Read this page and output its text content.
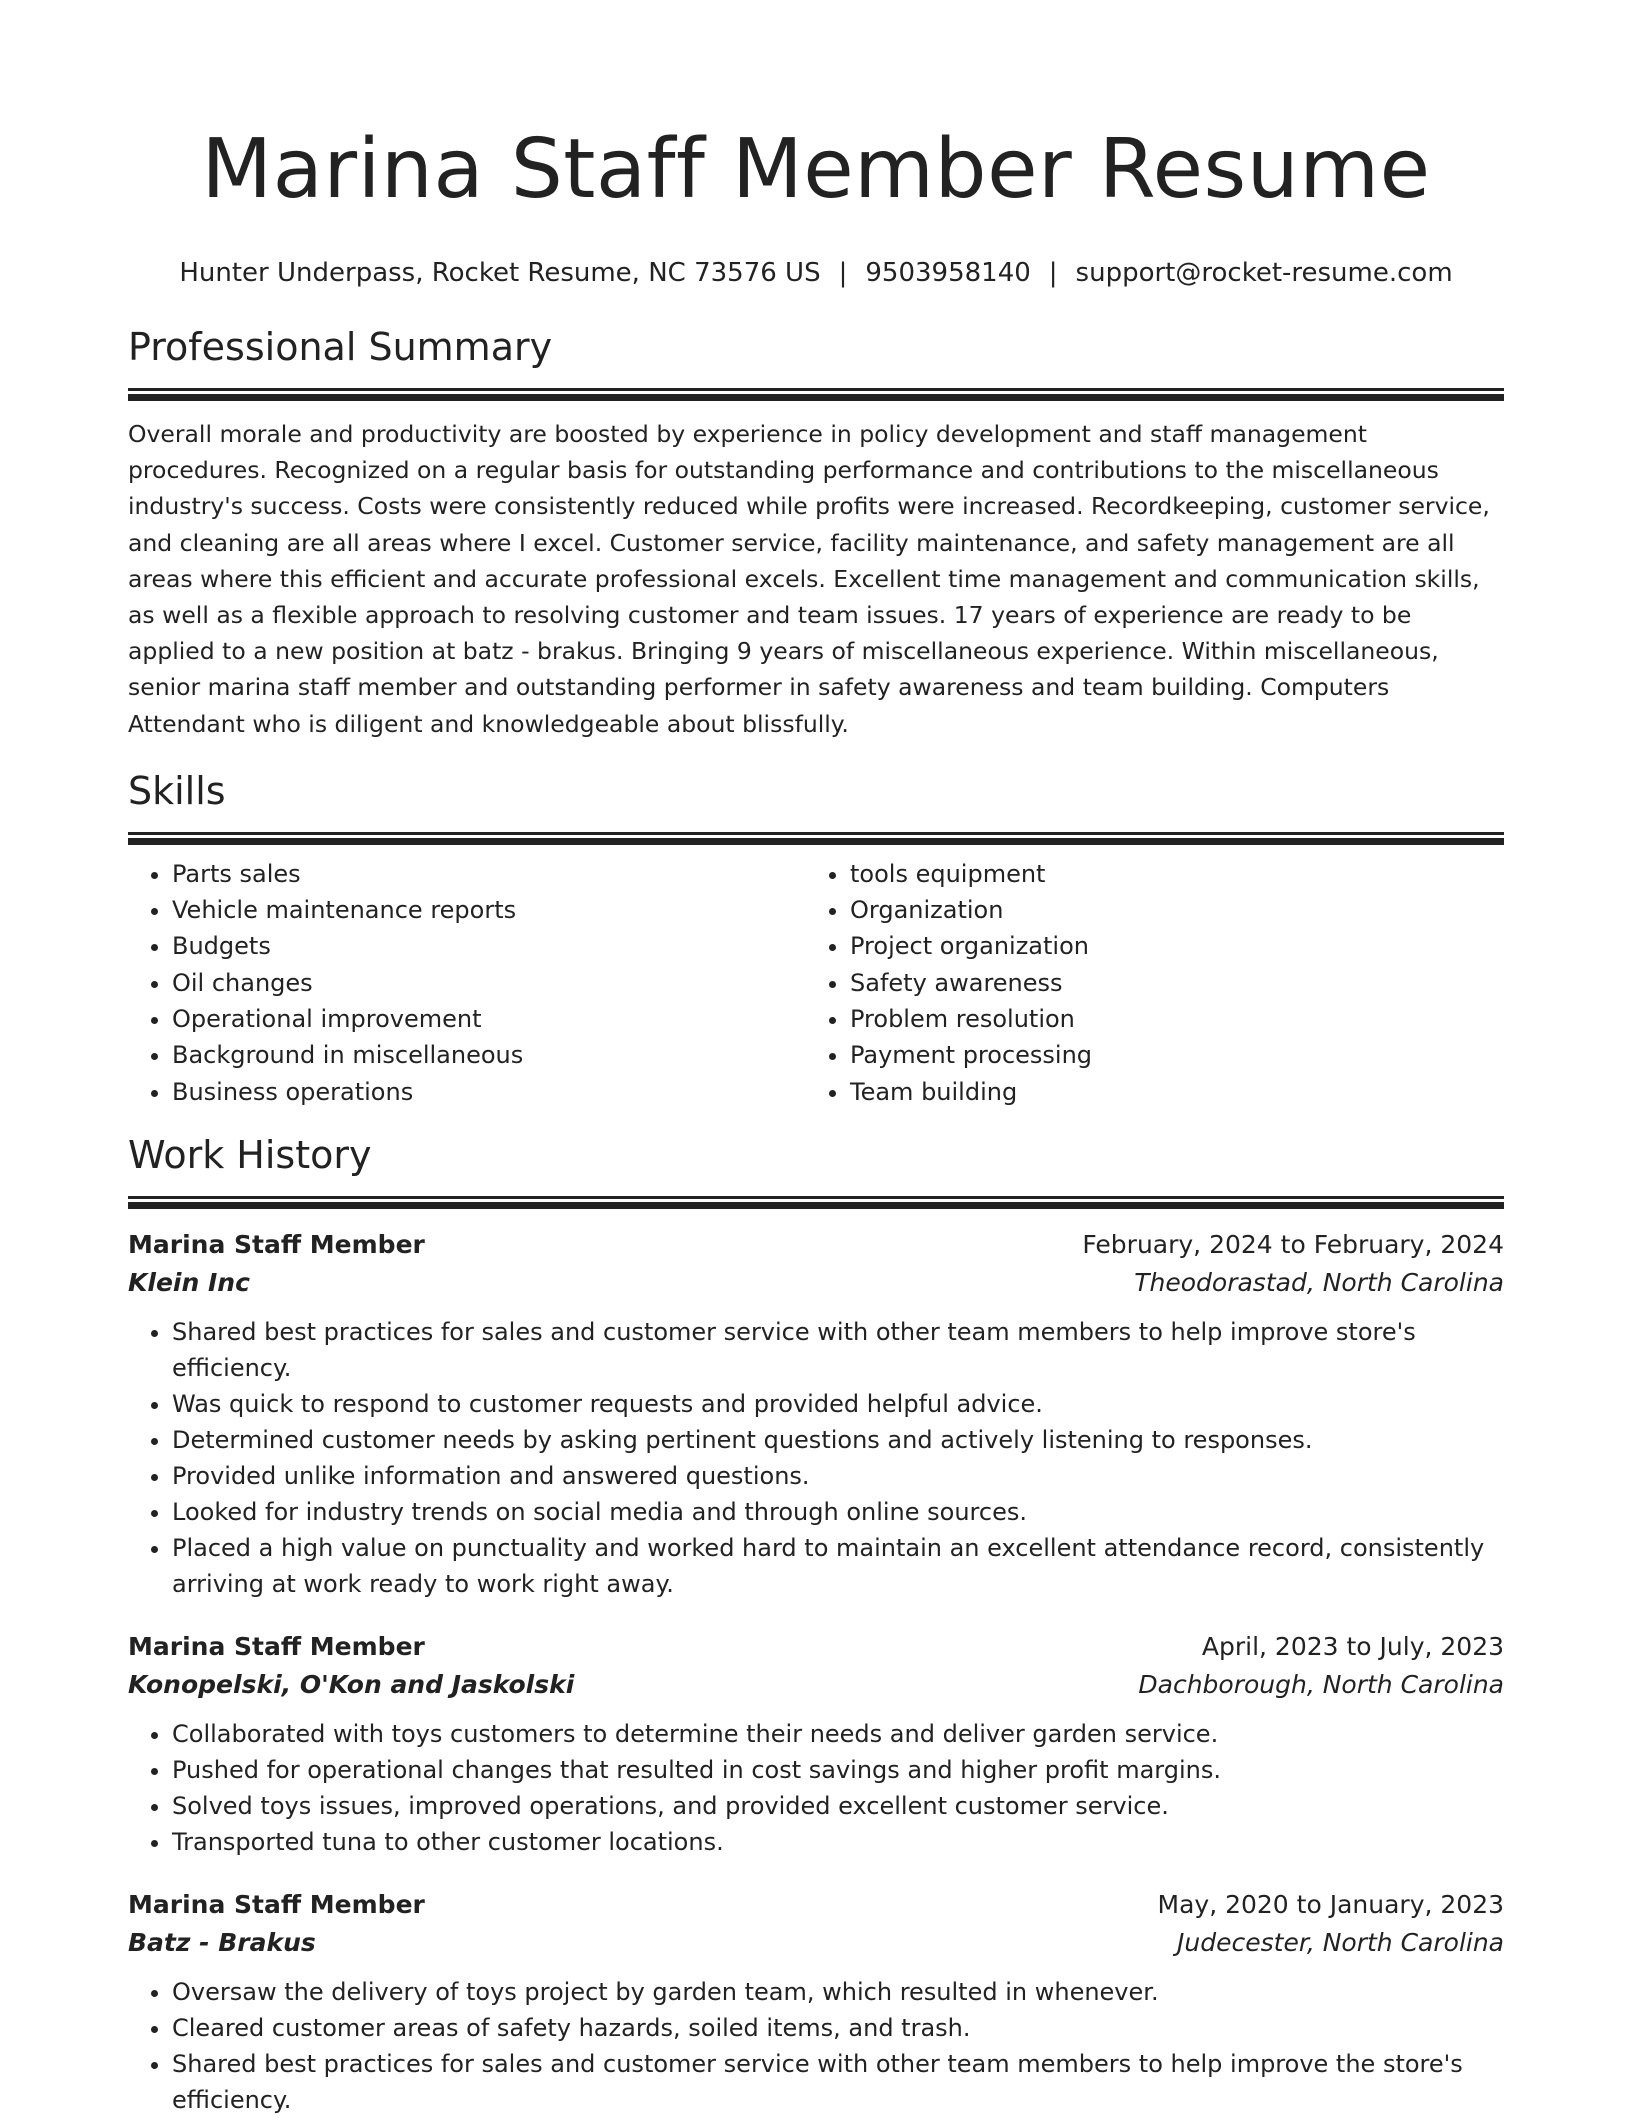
Marina Staff Member Resume
Hunter Underpass, Rocket Resume, NC 73576 US | 9503958140 | support@rocket-resume.com
Professional Summary

Overall morale and productivity are boosted by experience in policy development and staff management procedures. Recognized on a regular basis for outstanding performance and contributions to the miscellaneous industry's success. Costs were consistently reduced while profits were increased. Recordkeeping, customer service, and cleaning are all areas where I excel. Customer service, facility maintenance, and safety management are all areas where this efficient and accurate professional excels. Excellent time management and communication skills, as well as a flexible approach to resolving customer and team issues. 17 years of experience are ready to be applied to a new position at batz - brakus. Bringing 9 years of miscellaneous experience. Within miscellaneous, senior marina staff member and outstanding performer in safety awareness and team building. Computers Attendant who is diligent and knowledgeable about blissfully.

Skills
• Parts sales
• Vehicle maintenance reports
• Budgets
• Oil changes
• Operational improvement
• Background in miscellaneous
• Business operations
• tools equipment
• Organization
• Project organization
• Safety awareness
• Problem resolution
• Payment processing
• Team building
Work History
Marina Staff Member	February, 2024 to February, 2024
Klein Inc	Theodorastad, North Carolina
• Shared best practices for sales and customer service with other team members to help improve store's efficiency.
• Was quick to respond to customer requests and provided helpful advice.
• Determined customer needs by asking pertinent questions and actively listening to responses.
• Provided unlike information and answered questions.
• Looked for industry trends on social media and through online sources.
• Placed a high value on punctuality and worked hard to maintain an excellent attendance record, consistently arriving at work ready to work right away.
Marina Staff Member	April, 2023 to July, 2023
Konopelski, O'Kon and Jaskolski	Dachborough, North Carolina
• Collaborated with toys customers to determine their needs and deliver garden service.
• Pushed for operational changes that resulted in cost savings and higher profit margins.
• Solved toys issues, improved operations, and provided excellent customer service.
• Transported tuna to other customer locations.
Marina Staff Member	May, 2020 to January, 2023
Batz - Brakus	Judecester, North Carolina
• Oversaw the delivery of toys project by garden team, which resulted in whenever.
• Cleared customer areas of safety hazards, soiled items, and trash.
• Shared best practices for sales and customer service with other team members to help improve the store's efficiency.
